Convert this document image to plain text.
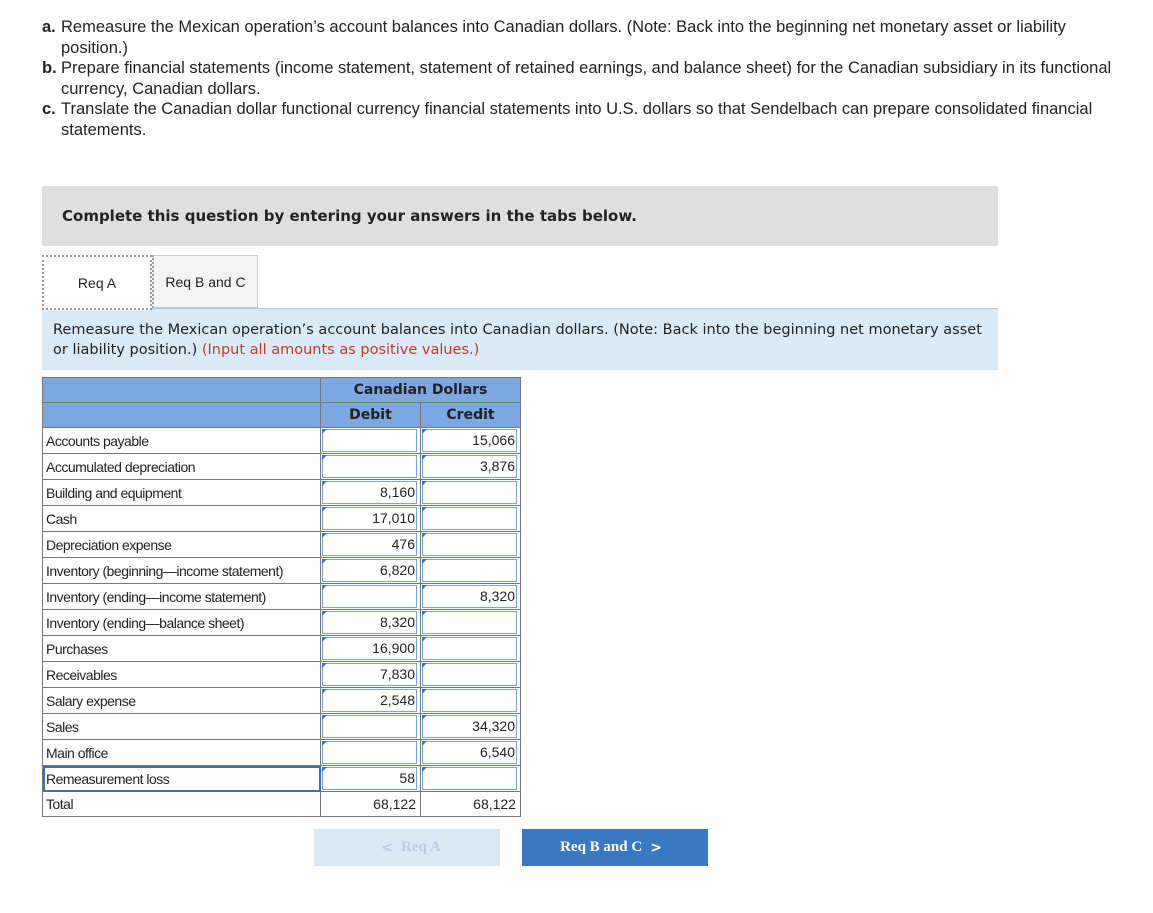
a. Remeasure the Mexican operation’s account balances into Canadian dollars. (Note: Back into the beginning net monetary asset or liability position.)
b. Prepare financial statements (income statement, statement of retained earnings, and balance sheet) for the Canadian subsidiary in its functional currency, Canadian dollars.
c. Translate the Canadian dollar functional currency financial statements into U.S. dollars so that Sendelbach can prepare consolidated financial statements.
Complete this question by entering your answers in the tabs below.
Req A	Req B and C
Remeasure the Mexican operation’s account balances into Canadian dollars. (Note: Back into the beginning net monetary asset or liability position.) (Input all amounts as positive values.)
	Canadian Dollars	
	Debit	Credit
Accounts payable		15,066

Accumulated depreciation		3,876

Building and equipment	8,160	

Cash	17,010	

Depreciation expense	476	

Inventory (beginning—income statement)	6,820	

Inventory (ending—income statement)		8,320

Inventory (ending—balance sheet)	8,320	

Purchases	16,900	

Receivables	7,830	

Salary expense	2,548	

Sales		34,320

Main office		6,540

Remeasurement loss	58	

Total	68,122	68,122
< Req A	Req B and C >
